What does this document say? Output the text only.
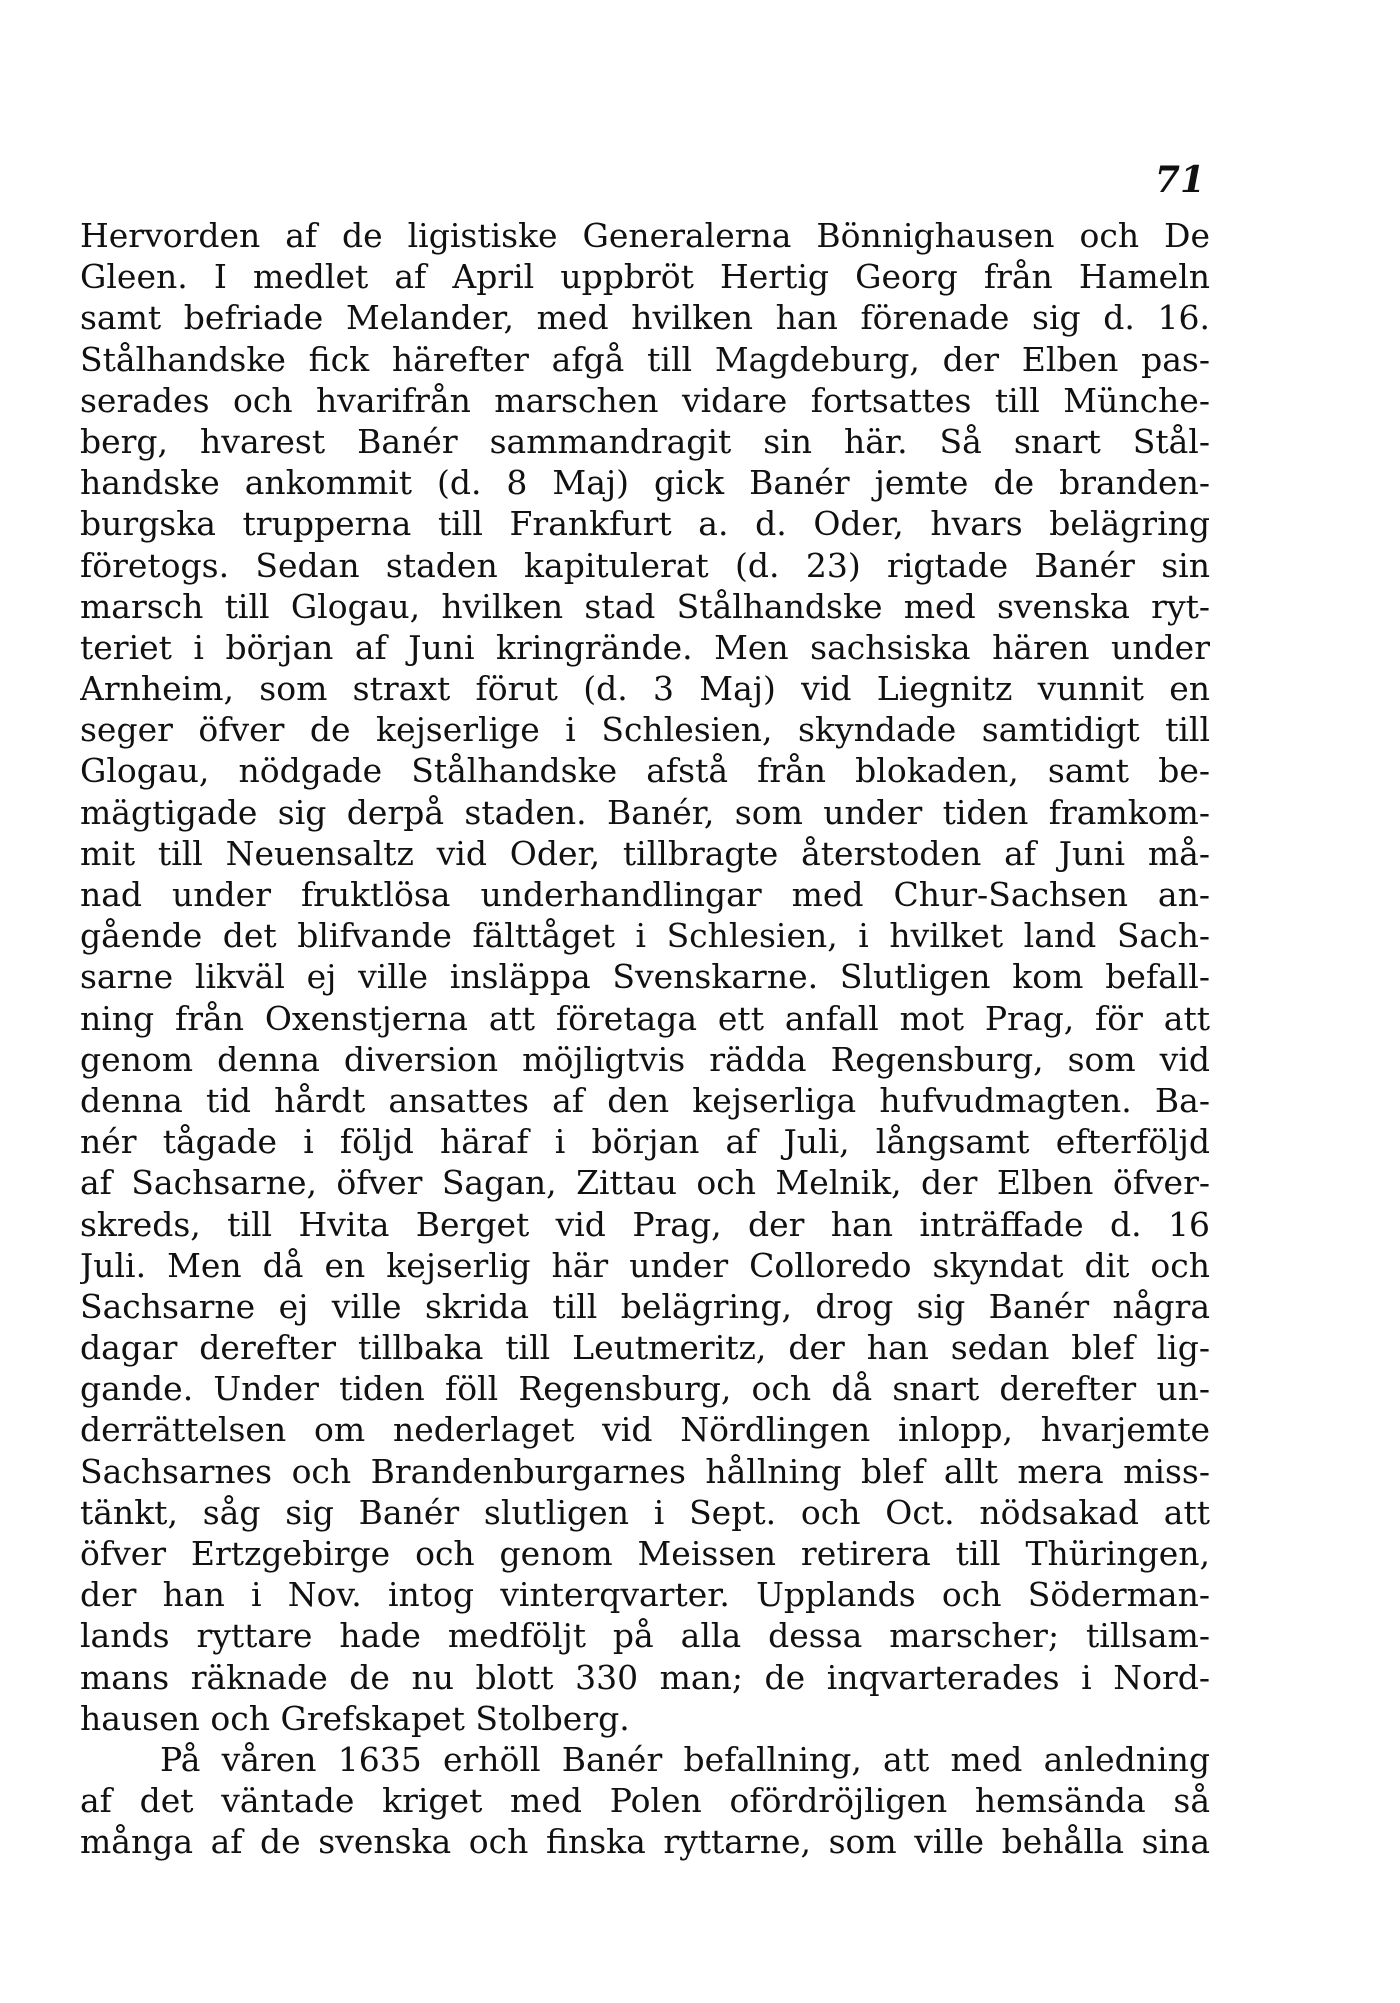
71
Hervorden af de ligistiske Generalerna Bönnighausen och De
Gleen. I medlet af April uppbröt Hertig Georg från Hameln
samt befriade Melander, med hvilken han förenade sig d. 16.
Stålhandske fick härefter afgå till Magdeburg, der Elben pas-
serades och hvarifrån marschen vidare fortsattes till Münche-
berg, hvarest Banér sammandragit sin här. Så snart Stål-
handske ankommit (d. 8 Maj) gick Banér jemte de branden-
burgska trupperna till Frankfurt a. d. Oder, hvars belägring
företogs. Sedan staden kapitulerat (d. 23) rigtade Banér sin
marsch till Glogau, hvilken stad Stålhandske med svenska ryt-
teriet i början af Juni kringrände. Men sachsiska hären under
Arnheim, som straxt förut (d. 3 Maj) vid Liegnitz vunnit en
seger öfver de kejserlige i Schlesien, skyndade samtidigt till
Glogau, nödgade Stålhandske afstå från blokaden, samt be-
mägtigade sig derpå staden. Banér, som under tiden framkom-
mit till Neuensaltz vid Oder, tillbragte återstoden af Juni må-
nad under fruktlösa underhandlingar med Chur-Sachsen an-
gående det blifvande fälttåget i Schlesien, i hvilket land Sach-
sarne likväl ej ville insläppa Svenskarne. Slutligen kom befall-
ning från Oxenstjerna att företaga ett anfall mot Prag, för att
genom denna diversion möjligtvis rädda Regensburg, som vid
denna tid hårdt ansattes af den kejserliga hufvudmagten. Ba-
nér tågade i följd häraf i början af Juli, långsamt efterföljd
af Sachsarne, öfver Sagan, Zittau och Melnik, der Elben öfver-
skreds, till Hvita Berget vid Prag, der han inträffade d. 16
Juli. Men då en kejserlig här under Colloredo skyndat dit och
Sachsarne ej ville skrida till belägring, drog sig Banér några
dagar derefter tillbaka till Leutmeritz, der han sedan blef lig-
gande. Under tiden föll Regensburg, och då snart derefter un-
derrättelsen om nederlaget vid Nördlingen inlopp, hvarjemte
Sachsarnes och Brandenburgarnes hållning blef allt mera miss-
tänkt, såg sig Banér slutligen i Sept. och Oct. nödsakad att
öfver Ertzgebirge och genom Meissen retirera till Thüringen,
der han i Nov. intog vinterqvarter. Upplands och Söderman-
lands ryttare hade medföljt på alla dessa marscher; tillsam-
mans räknade de nu blott 330 man; de inqvarterades i Nord-
hausen och Grefskapet Stolberg.
På våren 1635 erhöll Banér befallning, att med anledning
af det väntade kriget med Polen ofördröjligen hemsända så
många af de svenska och finska ryttarne, som ville behålla sina
